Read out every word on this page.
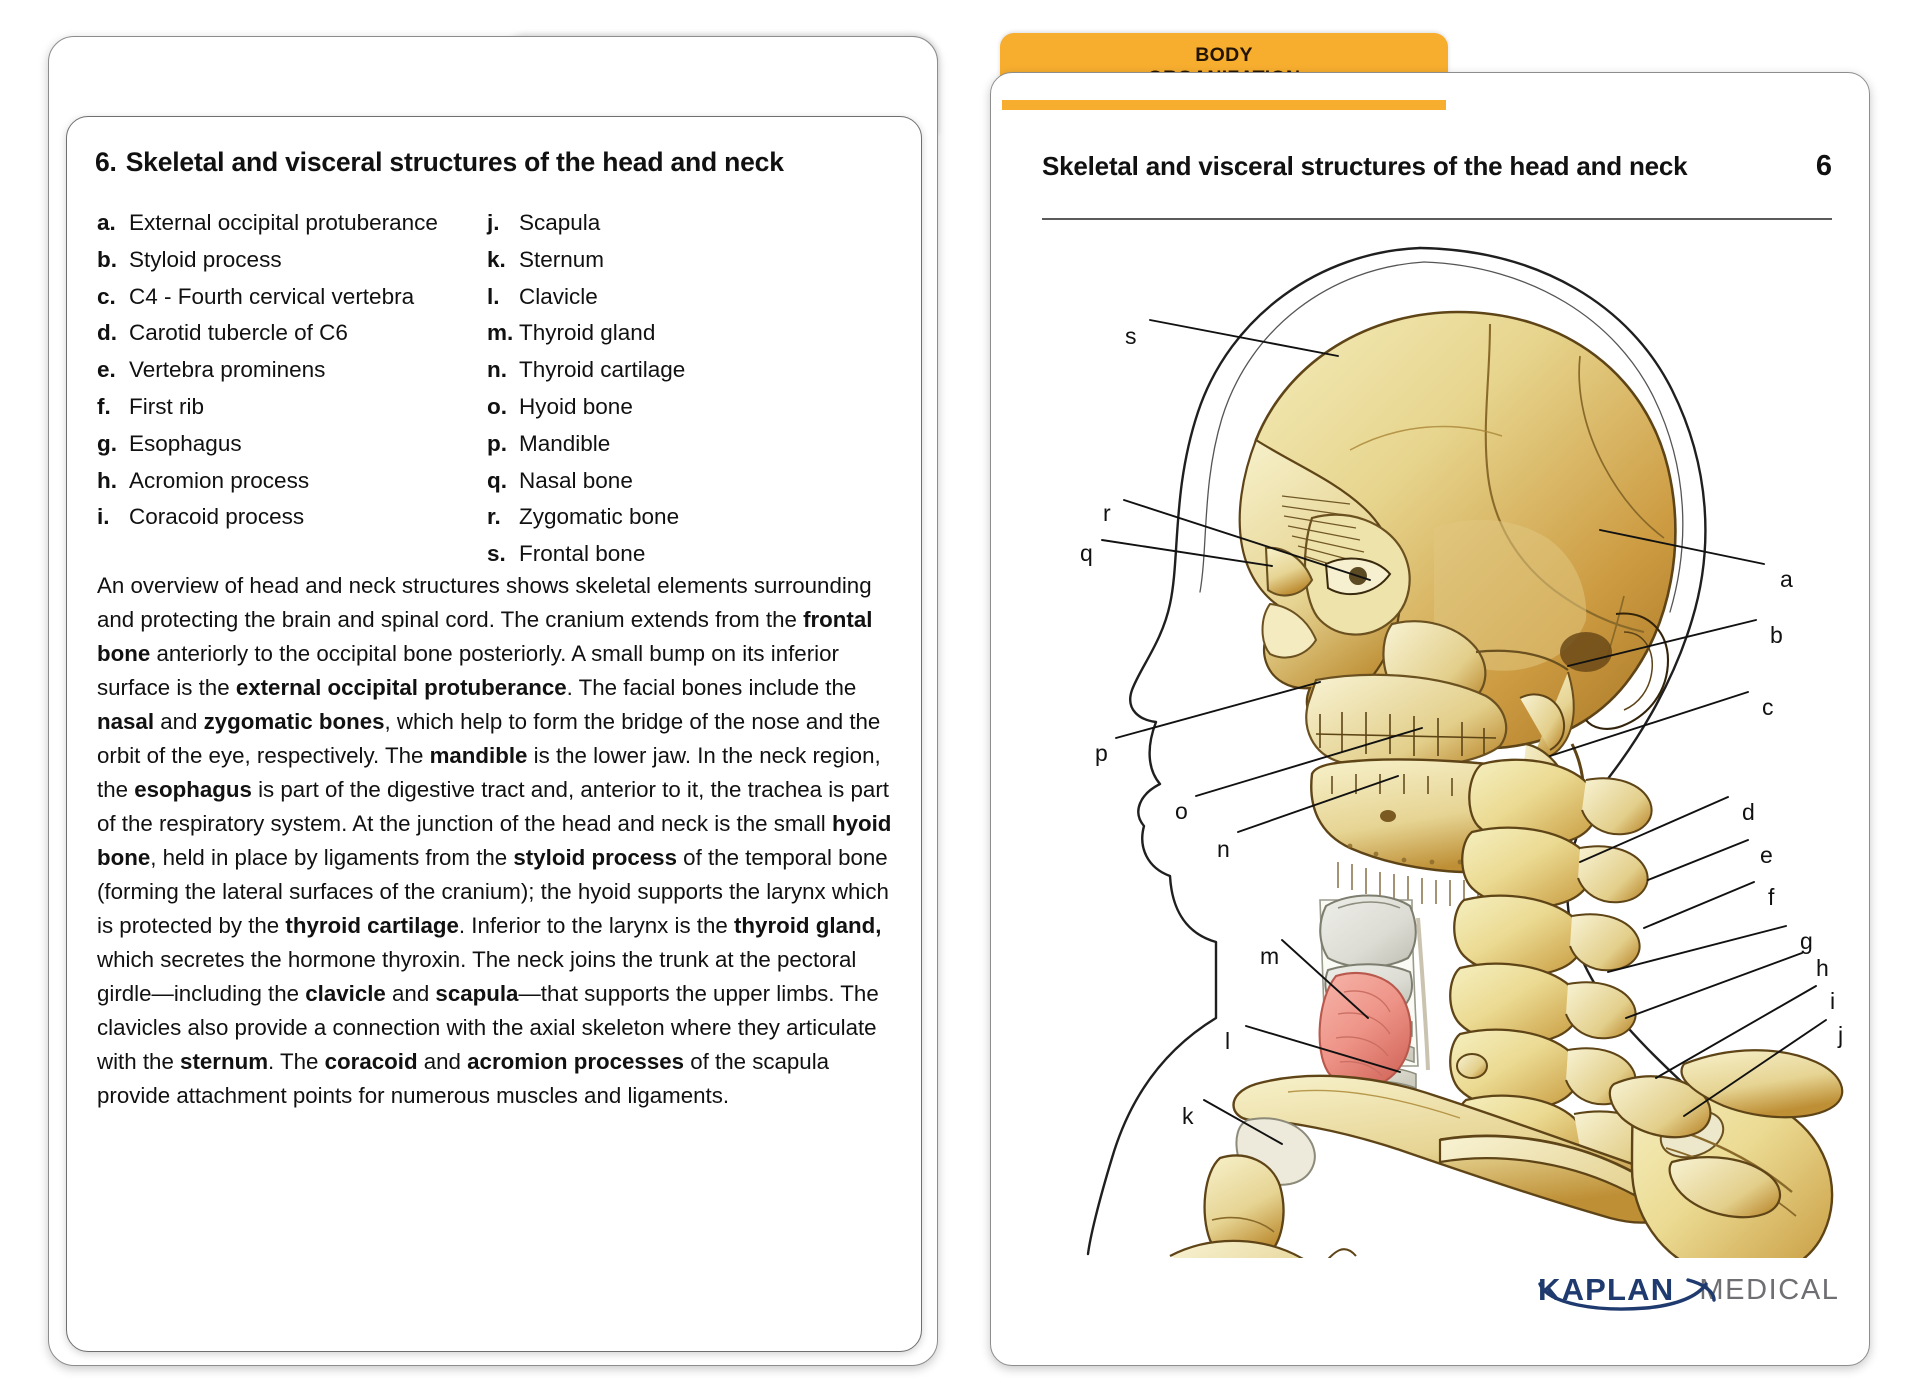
6. Skeletal and visceral structures of the head and neck
a. External occipital protuberance
b. Styloid process
c. C4 - Fourth cervical vertebra
d. Carotid tubercle of C6
e. Vertebra prominens
f. First rib
g. Esophagus
h. Acromion process
i. Coracoid process
j. Scapula
k. Sternum
l. Clavicle
m. Thyroid gland
n. Thyroid cartilage
o. Hyoid bone
p. Mandible
q. Nasal bone
r. Zygomatic bone
s. Frontal bone
An overview of head and neck structures shows skeletal elements surrounding and protecting the brain and spinal cord. The cranium extends from the frontal bone anteriorly to the occipital bone posteriorly. A small bump on its inferior surface is the external occipital protuberance. The facial bones include the nasal and zygomatic bones, which help to form the bridge of the nose and the orbit of the eye, respectively. The mandible is the lower jaw. In the neck region, the esophagus is part of the digestive tract and, anterior to it, the trachea is part of the respiratory system. At the junction of the head and neck is the small hyoid bone, held in place by ligaments from the styloid process of the temporal bone (forming the lateral surfaces of the cranium); the hyoid supports the larynx which is protected by the thyroid cartilage. Inferior to the larynx is the thyroid gland, which secretes the hormone thyroxin. The neck joins the trunk at the pectoral girdle—including the clavicle and scapula—that supports the upper limbs. The clavicles also provide a connection with the axial skeleton where they articulate with the sternum. The coracoid and acromion processes of the scapula provide attachment points for numerous muscles and ligaments.
BODY

Skeletal and visceral structures of the head and neck	6
s
r
q
p
o
n
m
l
k
a
b
c
d
e
f
g
h
i
j
KAPLAN MEDICAL
